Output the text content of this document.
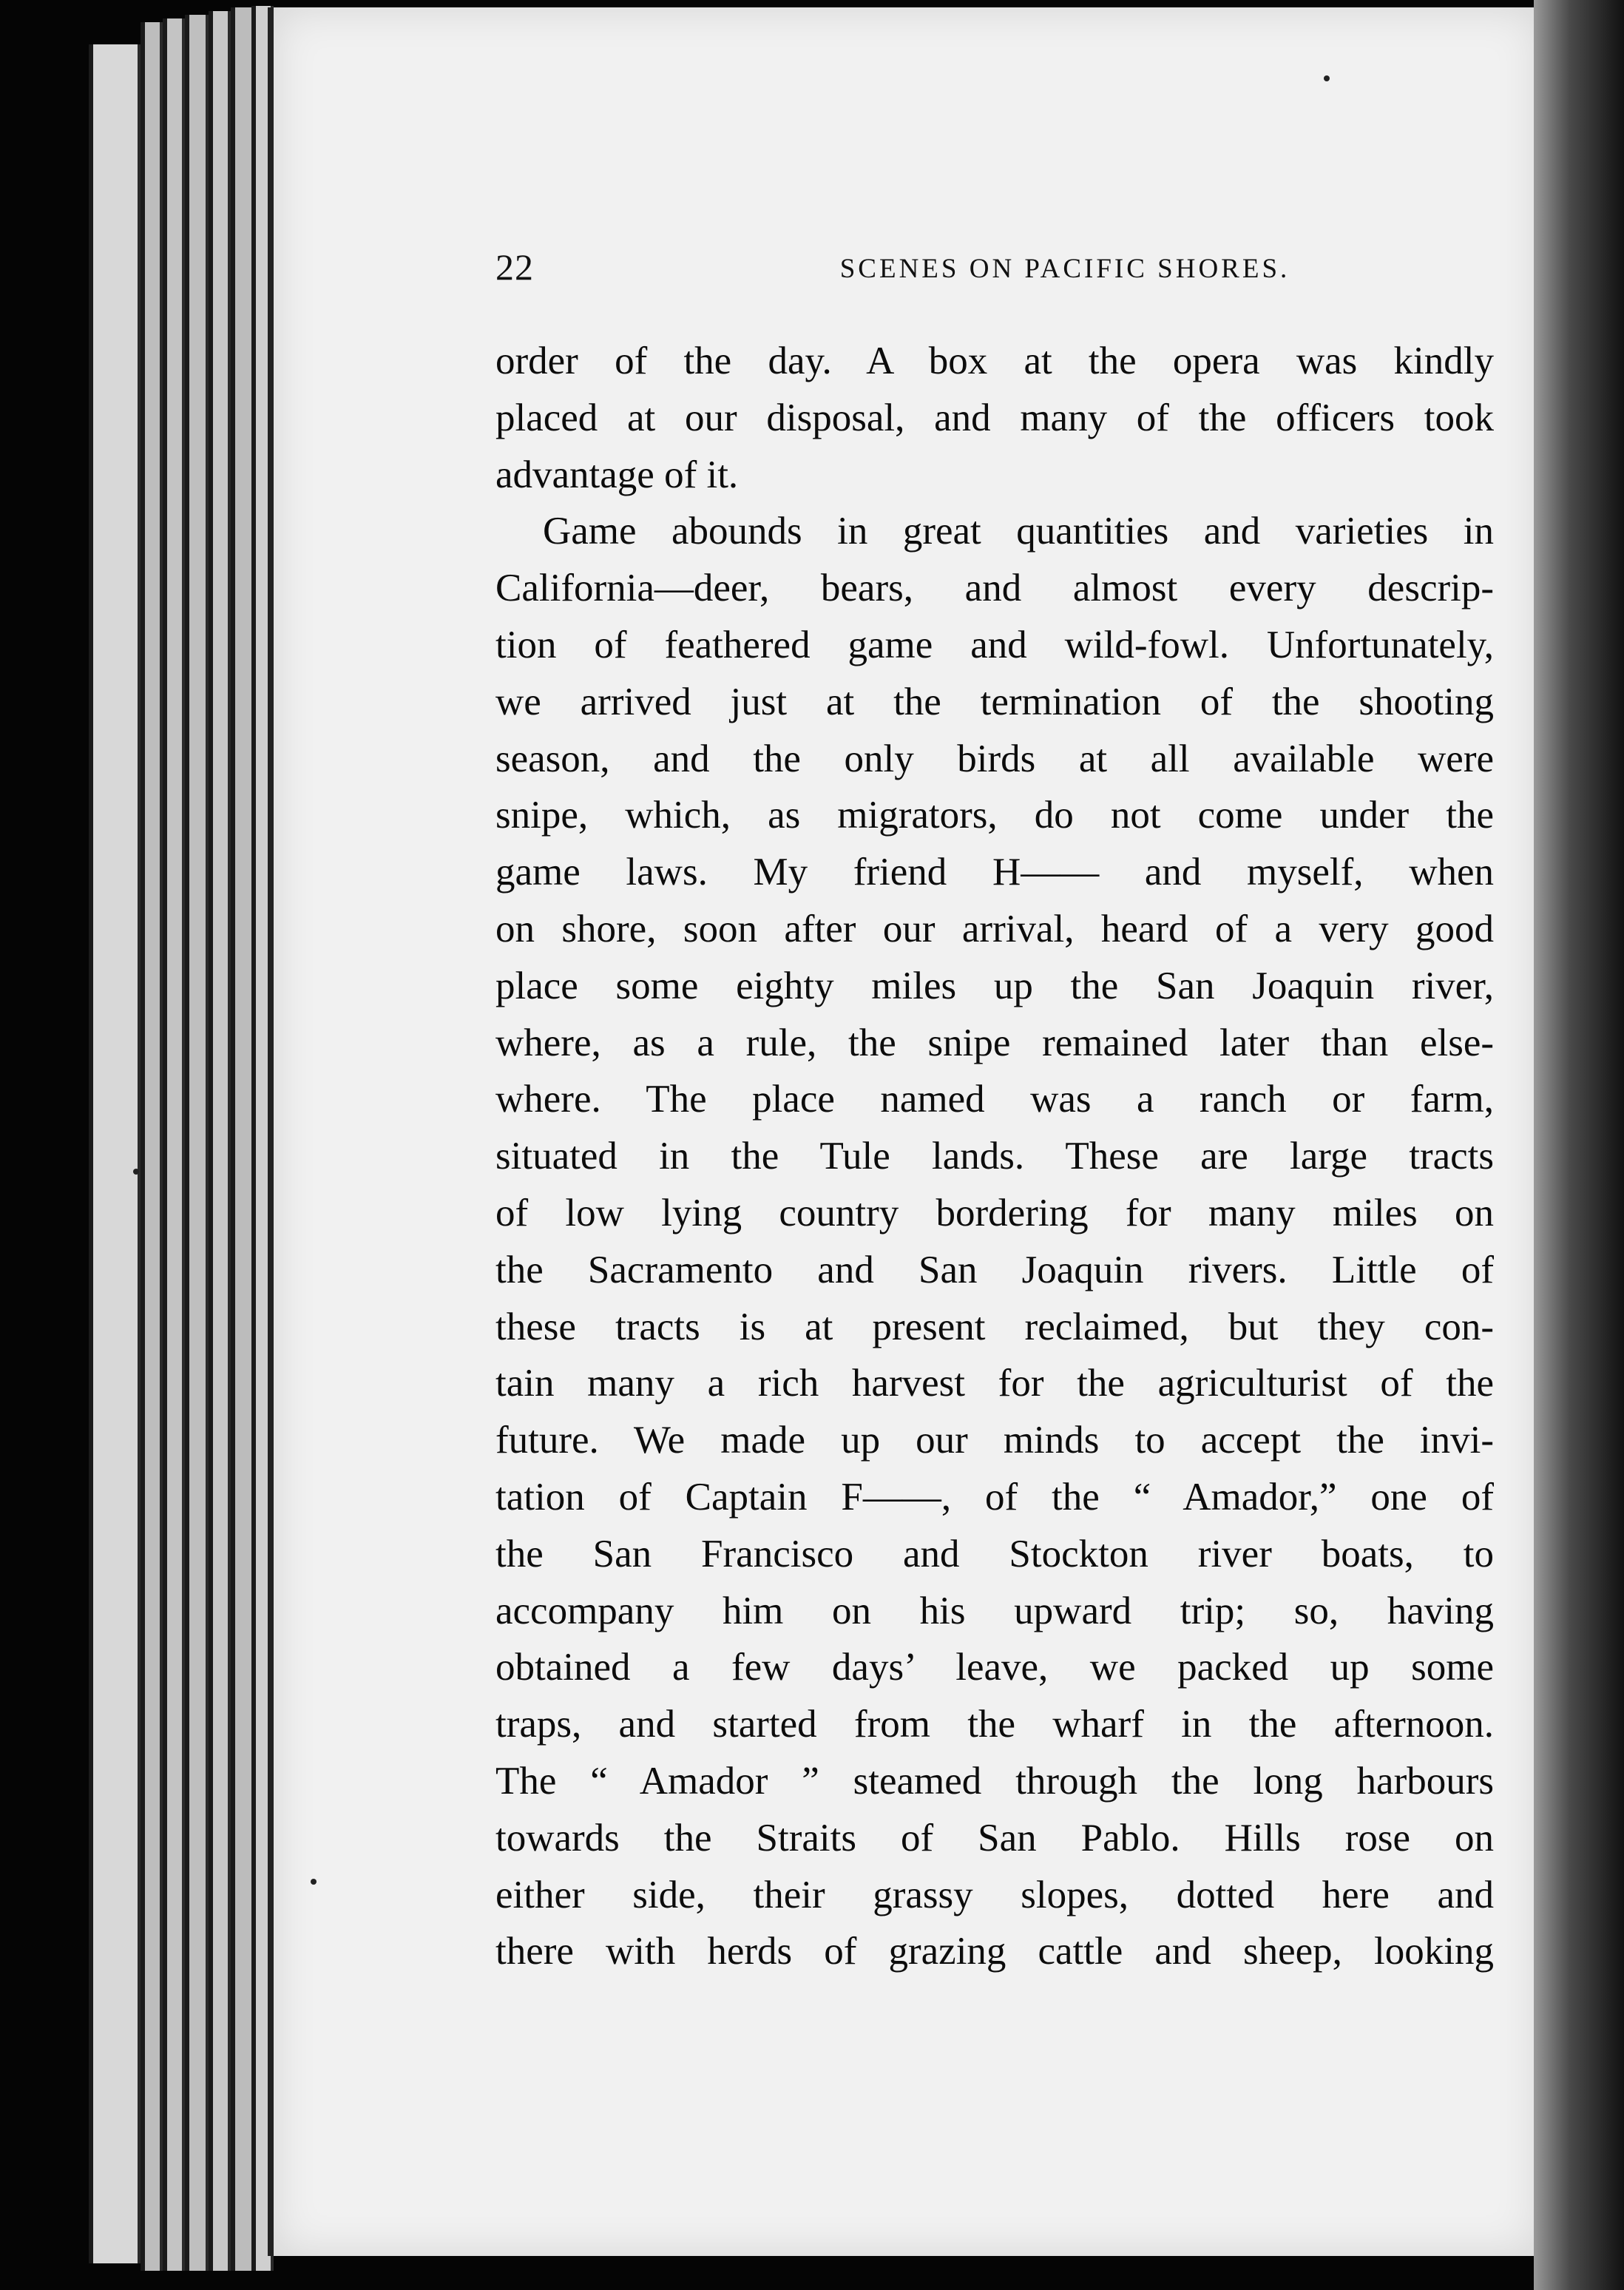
22	SCENES ON PACIFIC SHORES.
order of the day. A box at the opera was kindly
placed at our disposal, and many of the officers took
advantage of it.
Game abounds in great quantities and varieties in
California—deer, bears, and almost every descrip-
tion of feathered game and wild-fowl. Unfortunately,
we arrived just at the termination of the shooting
season, and the only birds at all available were
snipe, which, as migrators, do not come under the
game laws. My friend H—— and myself, when
on shore, soon after our arrival, heard of a very good
place some eighty miles up the San Joaquin river,
where, as a rule, the snipe remained later than else-
where. The place named was a ranch or farm,
situated in the Tule lands. These are large tracts
of low lying country bordering for many miles on
the Sacramento and San Joaquin rivers. Little of
these tracts is at present reclaimed, but they con-
tain many a rich harvest for the agriculturist of the
future. We made up our minds to accept the invi-
tation of Captain F——, of the “ Amador,” one of
the San Francisco and Stockton river boats, to
accompany him on his upward trip; so, having
obtained a few days’ leave, we packed up some
traps, and started from the wharf in the afternoon.
The “ Amador ” steamed through the long harbours
towards the Straits of San Pablo. Hills rose on
either side, their grassy slopes, dotted here and
there with herds of grazing cattle and sheep, looking
